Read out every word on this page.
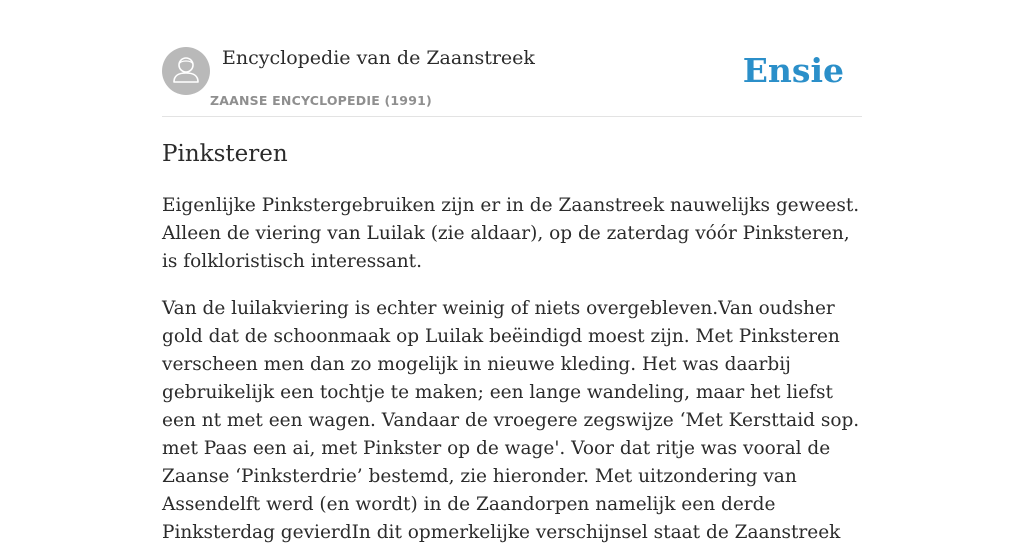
Encyclopedie van de Zaanstreek
ZAANSE ENCYCLOPEDIE (1991)
Ensie
Pinksteren

Eigenlijke Pinkstergebruiken zijn er in de Zaanstreek nauwelijks geweest. Alleen de viering van Luilak (zie aldaar), op de zaterdag vóór Pinksteren, is folkloristisch interessant.

Van de luilakviering is echter weinig of niets overgebleven.Van oudsher gold dat de schoonmaak op Luilak beëindigd moest zijn. Met Pinksteren verscheen men dan zo mogelijk in nieuwe kleding. Het was daarbij gebruikelijk een tochtje te maken; een lange wandeling, maar het liefst een nt met een wagen. Vandaar de vroegere zegswijze ‘Met Kersttaid sop. met Paas een ai, met Pinkster op de wage'. Voor dat ritje was vooral de Zaanse ‘Pinksterdrie’ bestemd, zie hieronder. Met uitzondering van Assendelft werd (en wordt) in de Zaandorpen namelijk een derde Pinksterdag gevierdIn dit opmerkelijke verschijnsel staat de Zaanstreek
